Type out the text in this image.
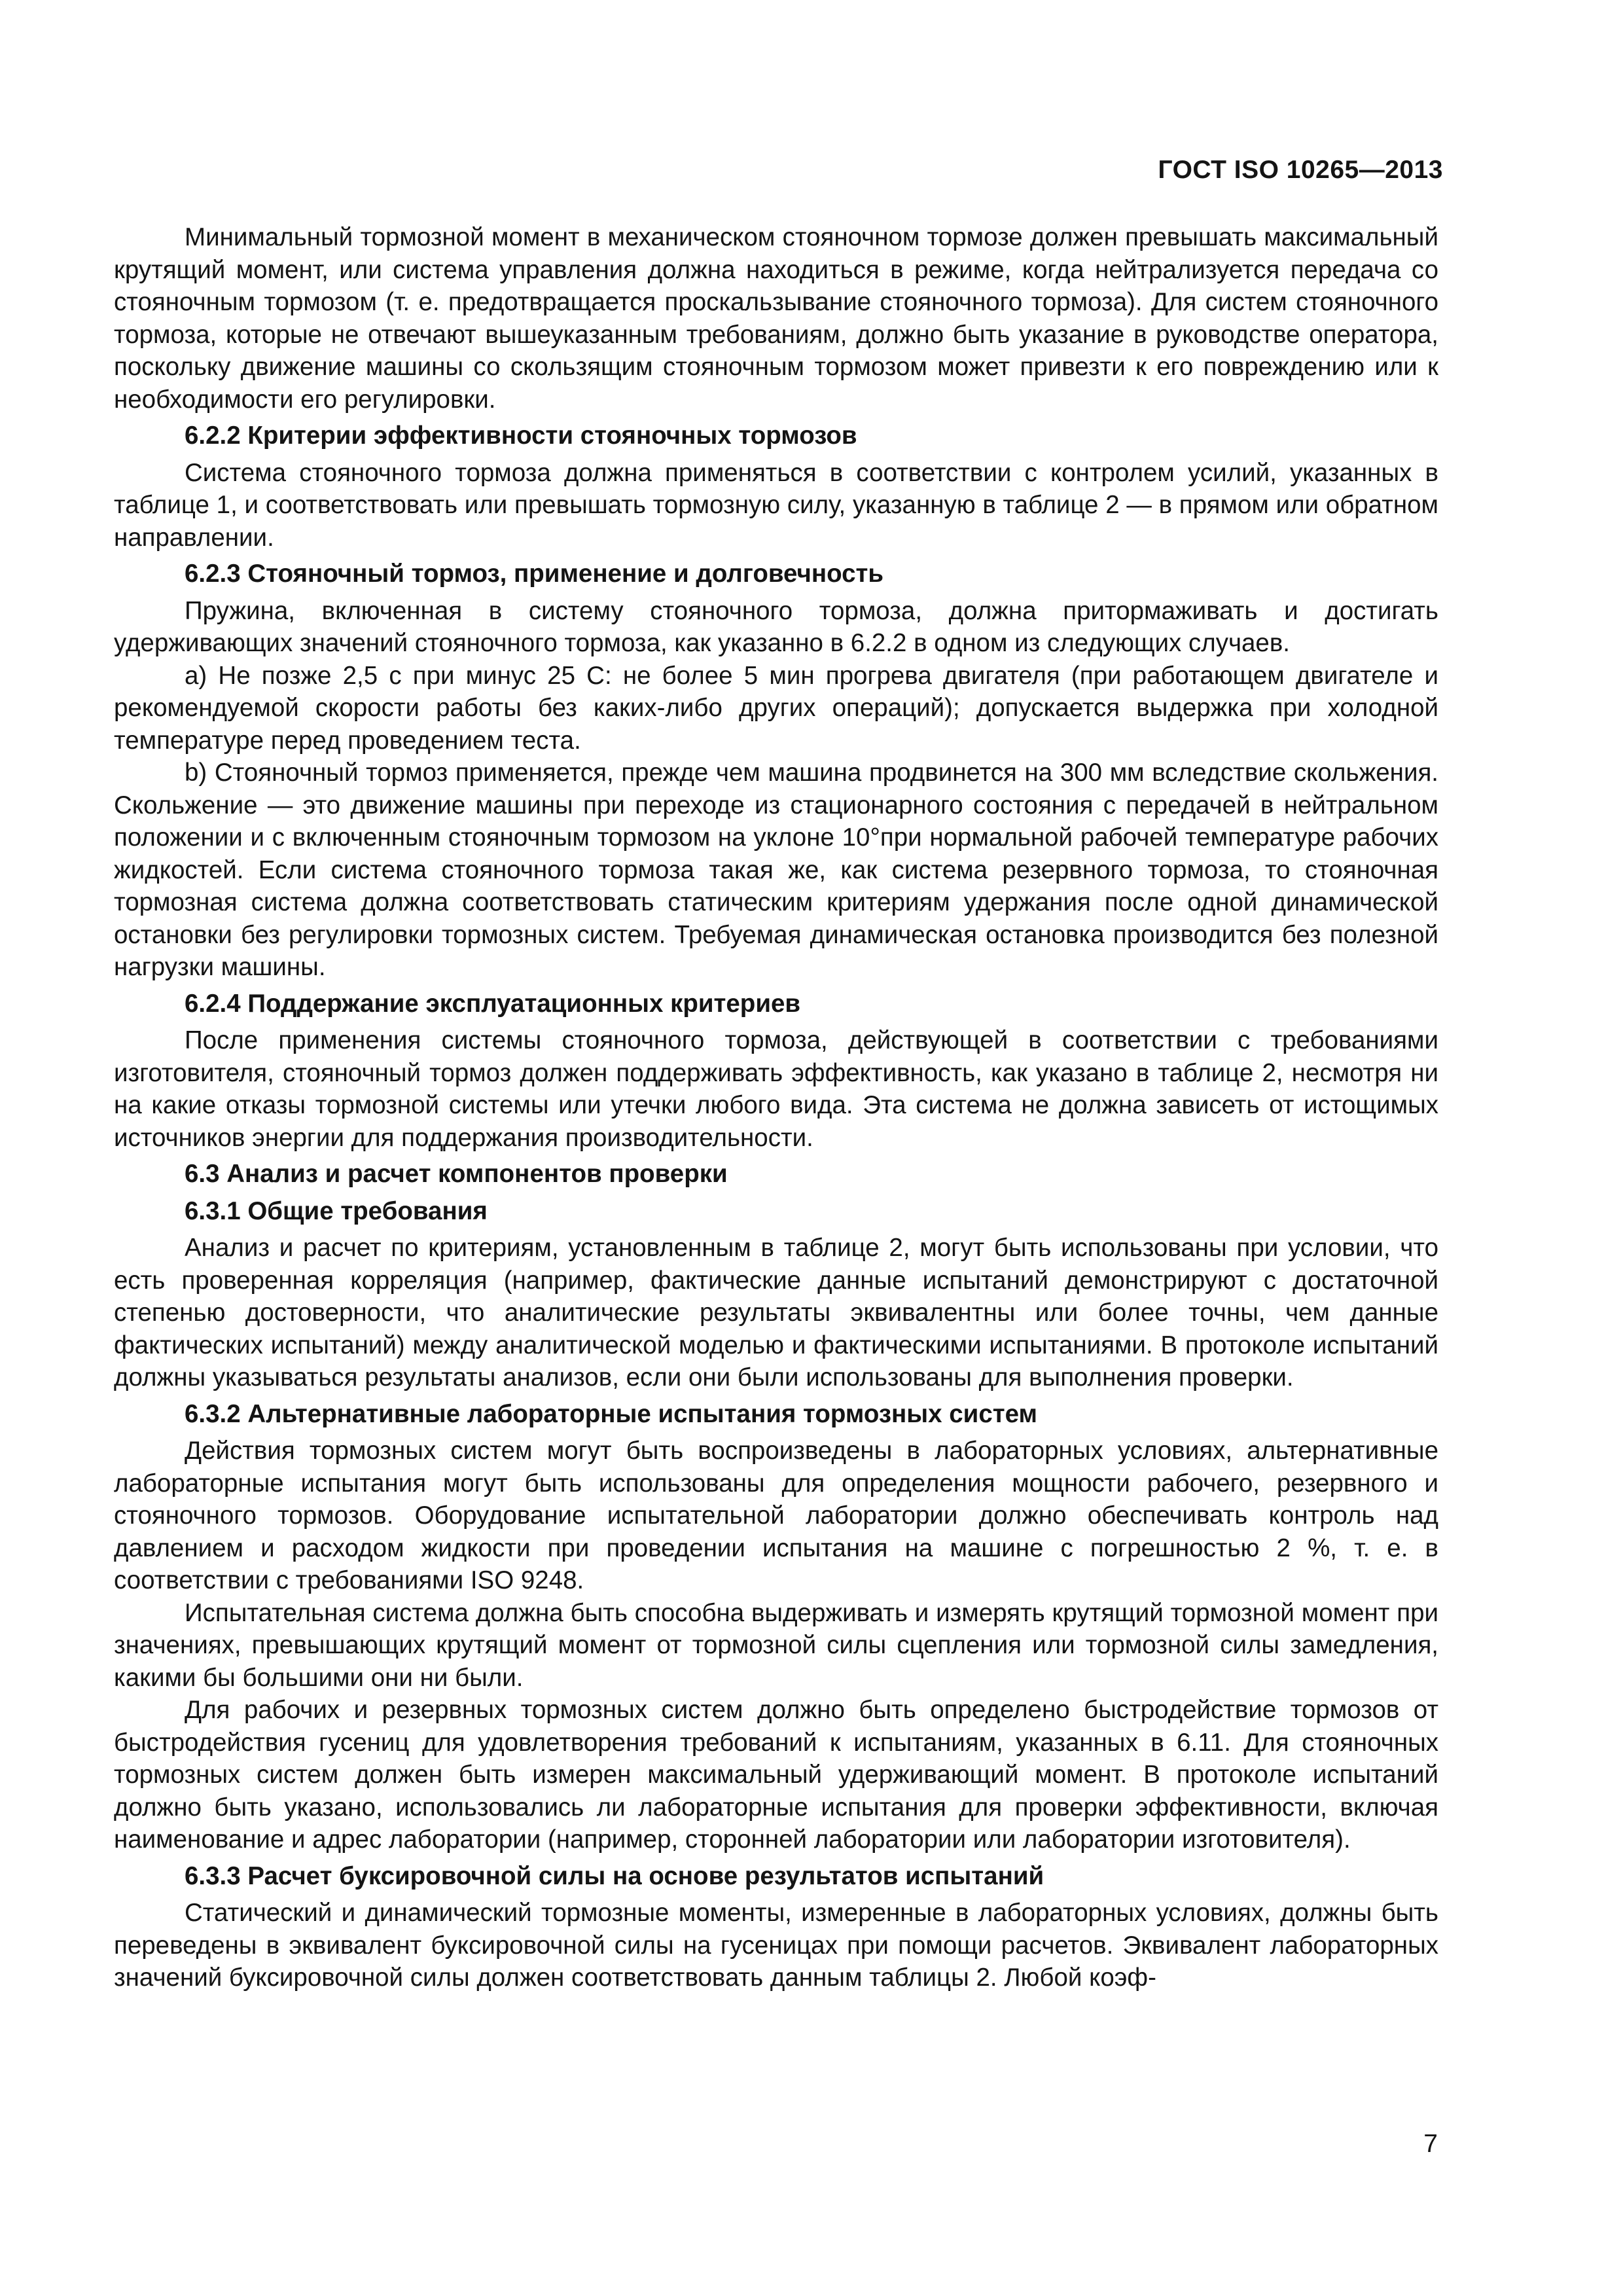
ГОСТ ISO 10265—2013

Минимальный тормозной момент в механическом стояночном тормозе должен превышать максимальный крутящий момент, или система управления должна находиться в режиме, когда нейтрализуется передача со стояночным тормозом (т. е. предотвращается проскальзывание стояночного тормоза). Для систем стояночного тормоза, которые не отвечают вышеуказанным требованиям, должно быть указание в руководстве оператора, поскольку движение машины со скользящим стояночным тормозом может привезти к его повреждению или к необходимости его регулировки.

6.2.2 Критерии эффективности стояночных тормозов

Система стояночного тормоза должна применяться в соответствии с контролем усилий, указанных в таблице 1, и соответствовать или превышать тормозную силу, указанную в таблице 2 — в прямом или обратном направлении.

6.2.3 Стояночный тормоз, применение и долговечность

Пружина, включенная в систему стояночного тормоза, должна притормаживать и достигать удерживающих значений стояночного тормоза, как указанно в 6.2.2 в одном из следующих случаев.

а) Не позже 2,5 с при минус 25 С: не более 5 мин прогрева двигателя (при работающем двигателе и рекомендуемой скорости работы без каких-либо других операций); допускается выдержка при холодной температуре перед проведением теста.

b) Стояночный тормоз применяется, прежде чем машина продвинется на 300 мм вследствие скольжения. Скольжение — это движение машины при переходе из стационарного состояния с передачей в нейтральном положении и с включенным стояночным тормозом на уклоне 10°при нормальной рабочей температуре рабочих жидкостей. Если система стояночного тормоза такая же, как система резервного тормоза, то стояночная тормозная система должна соответствовать статическим критериям удержания после одной динамической остановки без регулировки тормозных систем. Требуемая динамическая остановка производится без полезной нагрузки машины.

6.2.4 Поддержание эксплуатационных критериев

После применения системы стояночного тормоза, действующей в соответствии с требованиями изготовителя, стояночный тормоз должен поддерживать эффективность, как указано в таблице 2, несмотря ни на какие отказы тормозной системы или утечки любого вида. Эта система не должна зависеть от истощимых источников энергии для поддержания производительности.

6.3 Анализ и расчет компонентов проверки
6.3.1 Общие требования

Анализ и расчет по критериям, установленным в таблице 2, могут быть использованы при условии, что есть проверенная корреляция (например, фактические данные испытаний демонстрируют с достаточной степенью достоверности, что аналитические результаты эквивалентны или более точны, чем данные фактических испытаний) между аналитической моделью и фактическими испытаниями. В протоколе испытаний должны указываться результаты анализов, если они были использованы для выполнения проверки.

6.3.2 Альтернативные лабораторные испытания тормозных систем

Действия тормозных систем могут быть воспроизведены в лабораторных условиях, альтернативные лабораторные испытания могут быть использованы для определения мощности рабочего, резервного и стояночного тормозов. Оборудование испытательной лаборатории должно обеспечивать контроль над давлением и расходом жидкости при проведении испытания на машине с погрешностью 2 %, т. е. в соответствии с требованиями ISO 9248.

Испытательная система должна быть способна выдерживать и измерять крутящий тормозной момент при значениях, превышающих крутящий момент от тормозной силы сцепления или тормозной силы замедления, какими бы большими они ни были.

Для рабочих и резервных тормозных систем должно быть определено быстродействие тормозов от быстродействия гусениц для удовлетворения требований к испытаниям, указанных в 6.11. Для стояночных тормозных систем должен быть измерен максимальный удерживающий момент. В протоколе испытаний должно быть указано, использовались ли лабораторные испытания для проверки эффективности, включая наименование и адрес лаборатории (например, сторонней лаборатории или лаборатории изготовителя).

6.3.3 Расчет буксировочной силы на основе результатов испытаний

Статический и динамический тормозные моменты, измеренные в лабораторных условиях, должны быть переведены в эквивалент буксировочной силы на гусеницах при помощи расчетов. Эквивалент лабораторных значений буксировочной силы должен соответствовать данным таблицы 2. Любой коэф-

7
